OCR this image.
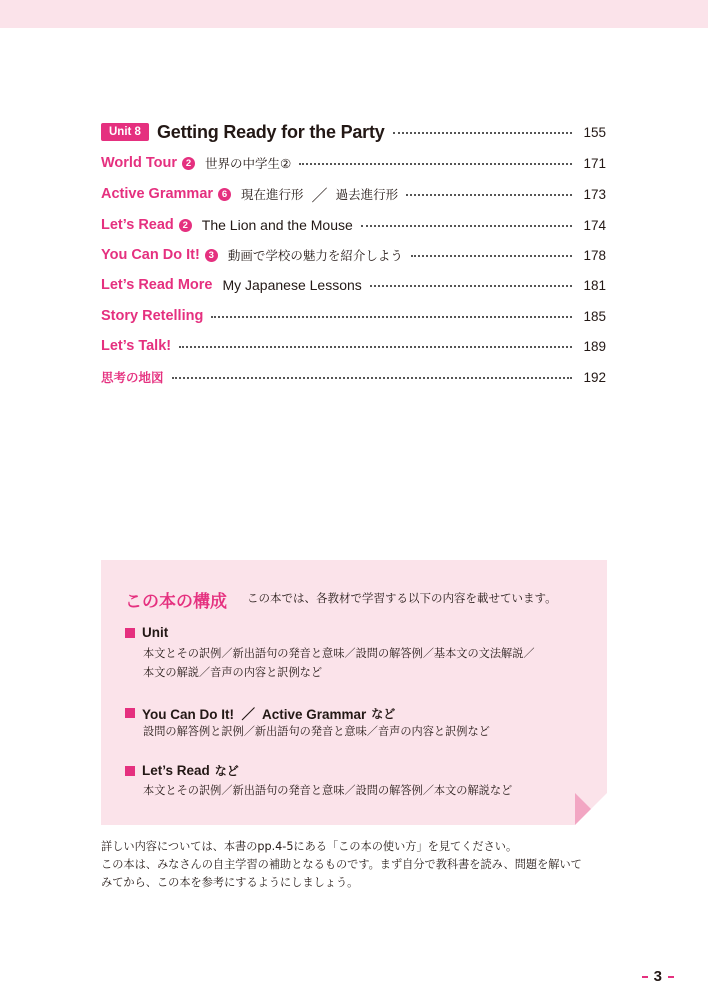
Unit 8 Getting Ready for the Party	155
World Tour 2	世界の中学生②	171
Active Grammar 6	現在進行形 ／ 過去進行形	173
Let’s Read 2 The Lion and the Mouse	174
You Can Do It! 3	動画で学校の魅力を紹介しよう	178
Let’s Read More My Japanese Lessons	181
Story Retelling	185
Let’s Talk!	189
思考の地図	192
この本の構成 この本では、各教材で学習する以下の内容を載せています。
Unit
本文とその訳例／新出語句の発音と意味／設問の解答例／基本文の文法解説／
本文の解説／音声の内容と訳例など
You Can Do It!  ／  Active Grammar など
設問の解答例と訳例／新出語句の発音と意味／音声の内容と訳例など
Let’s Read など
本文とその訳例／新出語句の発音と意味／設問の解答例／本文の解説など
詳しい内容については、本書のpp.4-5にある「この本の使い方」を見てください。
この本は、みなさんの自主学習の補助となるものです。まず自分で教科書を読み、問題を解いて
みてから、この本を参考にするようにしましょう。
3
